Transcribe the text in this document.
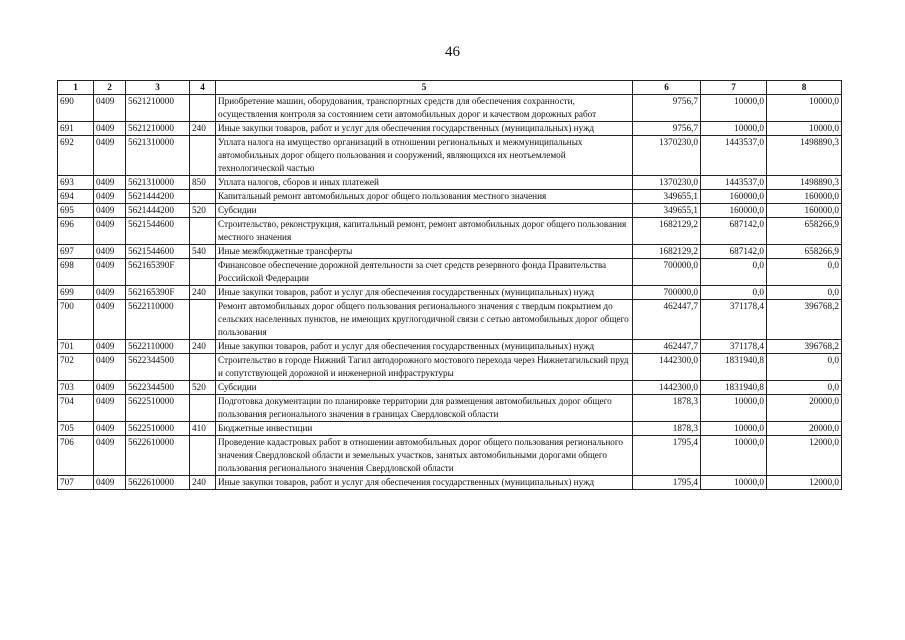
46
1	2	3	4	5	6	7	8
690	0409	5621210000		Приобретение машин, оборудования, транспортных средств для обеспечения сохранности, осуществления контроля за состоянием сети автомобильных дорог и качеством дорожных работ	9756,7	10000,0	10000,0
691	0409	5621210000	240	Иные закупки товаров, работ и услуг для обеспечения государственных (муниципальных) нужд	9756,7	10000,0	10000,0
692	0409	5621310000		Уплата налога на имущество организаций в отношении региональных и межмуниципальных автомобильных дорог общего пользования и сооружений, являющихся их неотъемлемой технологической частью	1370230,0	1443537,0	1498890,3
693	0409	5621310000	850	Уплата налогов, сборов и иных платежей	1370230,0	1443537,0	1498890,3
694	0409	5621444200		Капитальный ремонт автомобильных дорог общего пользования местного значения	349655,1	160000,0	160000,0
695	0409	5621444200	520	Субсидии	349655,1	160000,0	160000,0
696	0409	5621544600		Строительство, реконструкция, капитальный ремонт, ремонт автомобильных дорог общего пользования местного значения	1682129,2	687142,0	658266,9
697	0409	5621544600	540	Иные межбюджетные трансферты	1682129,2	687142,0	658266,9
698	0409	562165390F		Финансовое обеспечение дорожной деятельности за счет средств резервного фонда Правительства Российской Федерации	700000,0	0,0	0,0
699	0409	562165390F	240	Иные закупки товаров, работ и услуг для обеспечения государственных (муниципальных) нужд	700000,0	0,0	0,0
700	0409	5622110000		Ремонт автомобильных дорог общего пользования регионального значения с твердым покрытием до сельских населенных пунктов, не имеющих круглогодичной связи с сетью автомобильных дорог общего пользования	462447,7	371178,4	396768,2
701	0409	5622110000	240	Иные закупки товаров, работ и услуг для обеспечения государственных (муниципальных) нужд	462447,7	371178,4	396768,2
702	0409	5622344500		Строительство в городе Нижний Тагил автодорожного мостового перехода через Нижнетагильский пруд и сопутствующей дорожной и инженерной инфраструктуры	1442300,0	1831940,8	0,0
703	0409	5622344500	520	Субсидии	1442300,0	1831940,8	0,0
704	0409	5622510000		Подготовка документации по планировке территории для размещения автомобильных дорог общего пользования регионального значения в границах Свердловской области	1878,3	10000,0	20000,0
705	0409	5622510000	410	Бюджетные инвестиции	1878,3	10000,0	20000,0
706	0409	5622610000		Проведение кадастровых работ в отношении автомобильных дорог общего пользования регионального значения Свердловской области и земельных участков, занятых автомобильными дорогами общего пользования регионального значения Свердловской области	1795,4	10000,0	12000,0
707	0409	5622610000	240	Иные закупки товаров, работ и услуг для обеспечения государственных (муниципальных) нужд	1795,4	10000,0	12000,0
